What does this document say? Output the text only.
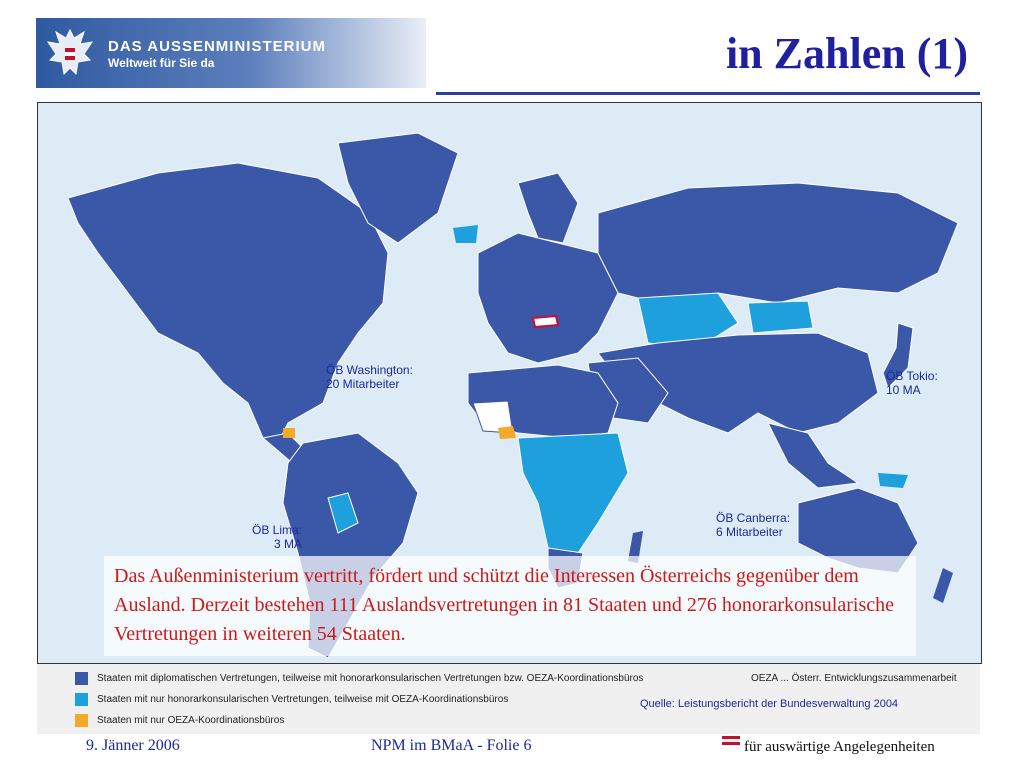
DAS AUSSENMINISTERIUM
Weltweit für Sie da	in Zahlen (1)
ÖB Washington:
20 Mitarbeiter
ÖB Tokio:
10 MA
ÖB Canberra:
6 Mitarbeiter
ÖB Lima:
3 MA
Das Außenministerium vertritt, fördert und schützt die Interessen Österreichs gegenüber dem Ausland. Derzeit bestehen 111 Auslandsvertretungen in 81 Staaten und 276 honorarkonsularische Vertretungen in weiteren 54 Staaten.
Staaten mit diplomatischen Vertretungen, teilweise mit honorarkonsularischen Vertretungen bzw. OEZA-Koordinationsbüros
Staaten mit nur honorarkonsularischen Vertretungen, teilweise mit OEZA-Koordinationsbüros
Staaten mit nur OEZA-Koordinationsbüros
OEZA ... Österr. Entwicklungszusammenarbeit
Quelle: Leistungsbericht der Bundesverwaltung 2004
9. Jänner 2006	NPM im BMaA - Folie 6	für auswärtige Angelegenheiten
